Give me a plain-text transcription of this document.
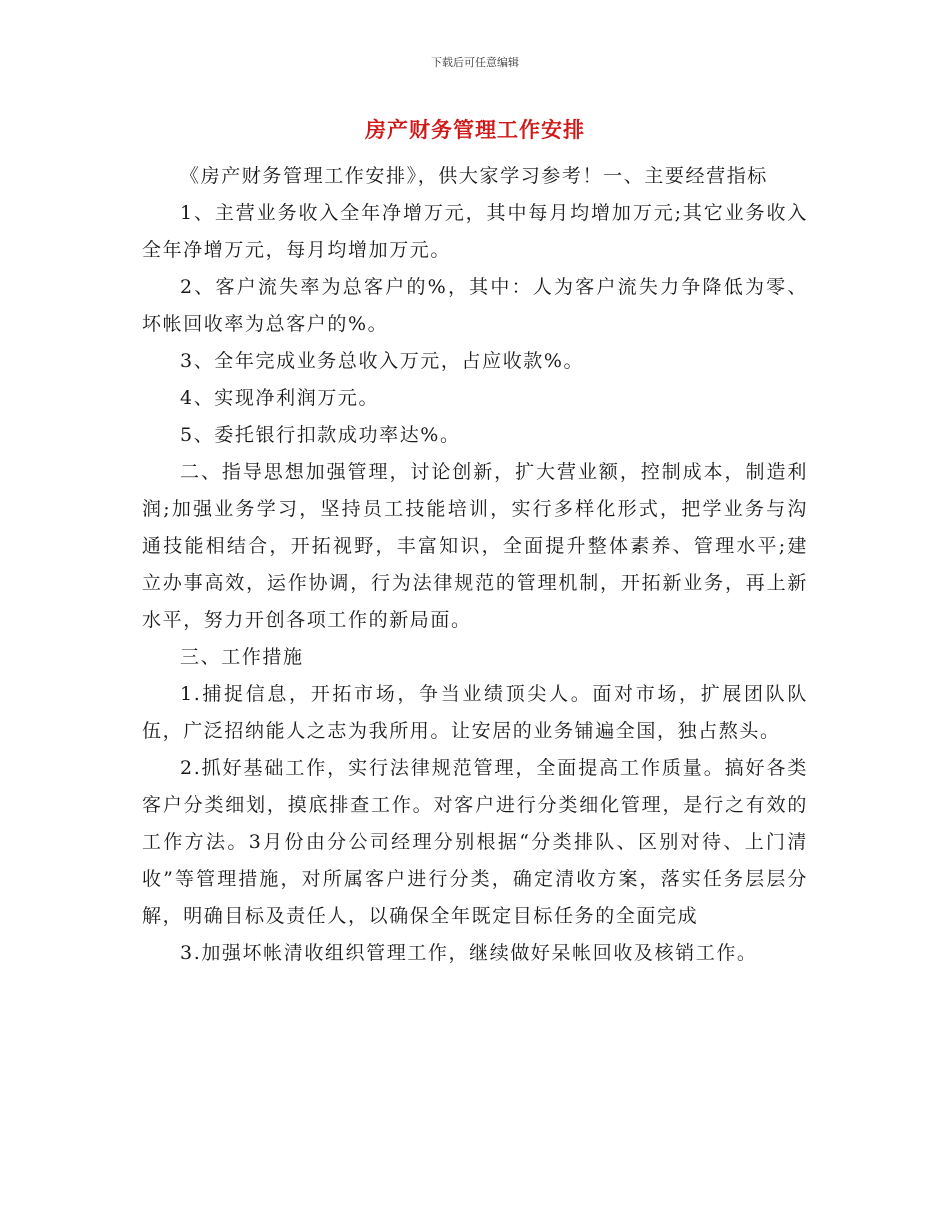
下载后可任意编辑
房产财务管理工作安排

《房产财务管理工作安排》，供大家学习参考！一、主要经营指标

1、主营业务收入全年净增万元，其中每月均增加万元;其它业务收入全年净增万元，每月均增加万元。

2、客户流失率为总客户的%，其中：人为客户流失力争降低为零、坏帐回收率为总客户的%。

3、全年完成业务总收入万元，占应收款%。

4、实现净利润万元。

5、委托银行扣款成功率达%。

二、指导思想加强管理，讨论创新，扩大营业额，控制成本，制造利润;加强业务学习，坚持员工技能培训，实行多样化形式，把学业务与沟通技能相结合，开拓视野，丰富知识，全面提升整体素养、管理水平;建立办事高效，运作协调，行为法律规范的管理机制，开拓新业务，再上新水平，努力开创各项工作的新局面。

三、工作措施

1.捕捉信息，开拓市场，争当业绩顶尖人。面对市场，扩展团队队伍，广泛招纳能人之志为我所用。让安居的业务铺遍全国，独占熬头。

2.抓好基础工作，实行法律规范管理，全面提高工作质量。搞好各类客户分类细划，摸底排查工作。对客户进行分类细化管理，是行之有效的工作方法。3月份由分公司经理分别根据“分类排队、区别对待、上门清收”等管理措施，对所属客户进行分类，确定清收方案，落实任务层层分解，明确目标及责任人，以确保全年既定目标任务的全面完成

3.加强坏帐清收组织管理工作，继续做好呆帐回收及核销工作。
